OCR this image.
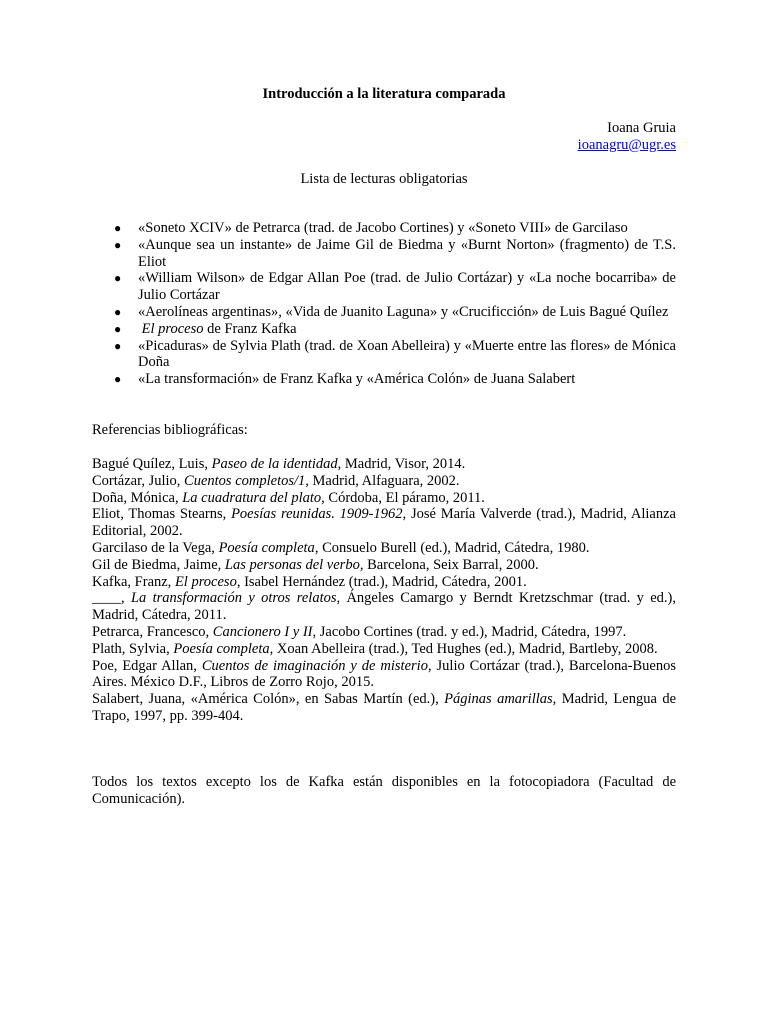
Introducción a la literatura comparada
Ioana Gruia
ioanagru@ugr.es
Lista de lecturas obligatorias
● «Soneto XCIV» de Petrarca (trad. de Jacobo Cortines) y «Soneto VIII» de Garcilaso
● «Aunque sea un instante» de Jaime Gil de Biedma y «Burnt Norton» (fragmento) de T.S. Eliot
● «William Wilson» de Edgar Allan Poe (trad. de Julio Cortázar) y «La noche bocarriba» de Julio Cortázar
● «Aerolíneas argentinas», «Vida de Juanito Laguna» y «Crucificción» de Luis Bagué Quílez
● El proceso de Franz Kafka
● «Picaduras» de Sylvia Plath (trad. de Xoan Abelleira) y «Muerte entre las flores» de Mónica Doña
● «La transformación» de Franz Kafka y «América Colón» de Juana Salabert
Referencias bibliográficas:
Bagué Quílez, Luis, Paseo de la identidad, Madrid, Visor, 2014.
Cortázar, Julio, Cuentos completos/1, Madrid, Alfaguara, 2002.
Doña, Mónica, La cuadratura del plato, Córdoba, El páramo, 2011.
Eliot, Thomas Stearns, Poesías reunidas. 1909-1962, José María Valverde (trad.), Madrid, Alianza Editorial, 2002.
Garcilaso de la Vega, Poesía completa, Consuelo Burell (ed.), Madrid, Cátedra, 1980.
Gil de Biedma, Jaime, Las personas del verbo, Barcelona, Seix Barral, 2000.
Kafka, Franz, El proceso, Isabel Hernández (trad.), Madrid, Cátedra, 2001.
____, La transformación y otros relatos, Ángeles Camargo y Berndt Kretzschmar (trad. y ed.), Madrid, Cátedra, 2011.
Petrarca, Francesco, Cancionero I y II, Jacobo Cortines (trad. y ed.), Madrid, Cátedra, 1997.
Plath, Sylvia, Poesía completa, Xoan Abelleira (trad.), Ted Hughes (ed.), Madrid, Bartleby, 2008.
Poe, Edgar Allan, Cuentos de imaginación y de misterio, Julio Cortázar (trad.), Barcelona-Buenos Aires. México D.F., Libros de Zorro Rojo, 2015.
Salabert, Juana, «América Colón», en Sabas Martín (ed.), Páginas amarillas, Madrid, Lengua de Trapo, 1997, pp. 399-404.
Todos los textos excepto los de Kafka están disponibles en la fotocopiadora (Facultad de Comunicación).
